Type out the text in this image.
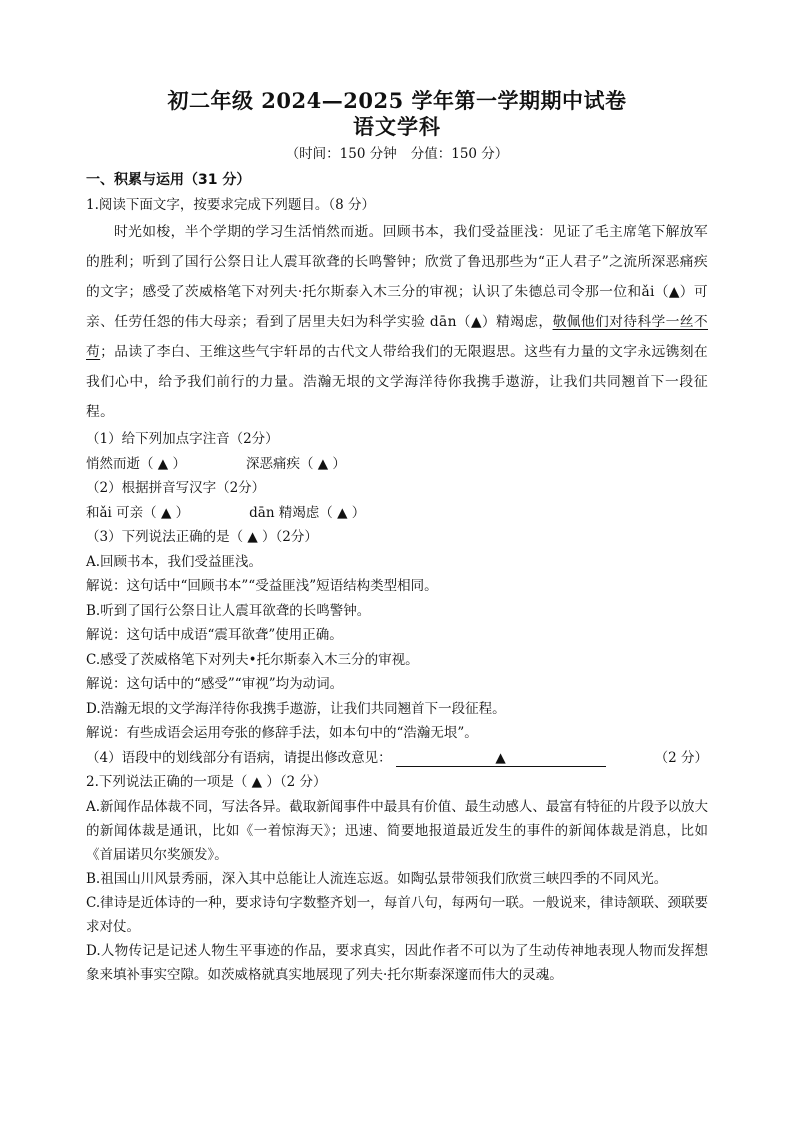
初二年级 2024—2025 学年第一学期期中试卷
语文学科

（时间：150 分钟 分值：150 分）

一、积累与运用（31 分）

1.阅读下面文字，按要求完成下列题目。（8 分）

时光如梭，半个学期的学习生活悄然而逝。回顾书本，我们受益匪浅：见证了毛主席笔下解放军的胜利；听到了国行公祭日让人震耳欲聋的长鸣警钟；欣赏了鲁迅那些为“正人君子”之流所深恶痛疾的文字；感受了茨威格笔下对列夫·托尔斯泰入木三分的审视；认识了朱德总司令那一位和ǎi（▲）可亲、任劳任怨的伟大母亲；看到了居里夫妇为科学实验 dān（▲）精竭虑，敬佩他们对待科学一丝不苟；品读了李白、王维这些气宇轩昂的古代文人带给我们的无限遐思。这些有力量的文字永远镌刻在我们心中，给予我们前行的力量。浩瀚无垠的文学海洋待你我携手遨游，让我们共同翘首下一段征程。

（1）给下列加点字注音（2分）

悄然而逝（ ▲ ）	深恶痛疾（ ▲ ）

（2）根据拼音写汉字（2分）

和ǎi 可亲（ ▲ ）	dān 精竭虑（ ▲ ）

（3）下列说法正确的是（ ▲ ）（2分）

A.回顾书本，我们受益匪浅。

解说：这句话中“回顾书本”“受益匪浅”短语结构类型相同。

B.听到了国行公祭日让人震耳欲聋的长鸣警钟。

解说：这句话中成语“震耳欲聋”使用正确。

C.感受了茨威格笔下对列夫•托尔斯泰入木三分的审视。

解说：这句话中的“感受”“审视”均为动词。

D.浩瀚无垠的文学海洋待你我携手遨游，让我们共同翘首下一段征程。

解说：有些成语会运用夸张的修辞手法，如本句中的“浩瀚无垠”。

（4）语段中的划线部分有语病，请提出修改意见：	▲	（2 分）

2.下列说法正确的一项是（ ▲ ）（2 分）

A.新闻作品体裁不同，写法各异。截取新闻事件中最具有价值、最生动感人、最富有特征的片段予以放大的新闻体裁是通讯，比如《一着惊海天》；迅速、简要地报道最近发生的事件的新闻体裁是消息，比如《首届诺贝尔奖颁发》。

B.祖国山川风景秀丽，深入其中总能让人流连忘返。如陶弘景带领我们欣赏三峡四季的不同风光。

C.律诗是近体诗的一种，要求诗句字数整齐划一，每首八句，每两句一联。一般说来，律诗颔联、颈联要求对仗。

D.人物传记是记述人物生平事迹的作品，要求真实，因此作者不可以为了生动传神地表现人物而发挥想象来填补事实空隙。如茨威格就真实地展现了列夫·托尔斯泰深邃而伟大的灵魂。
